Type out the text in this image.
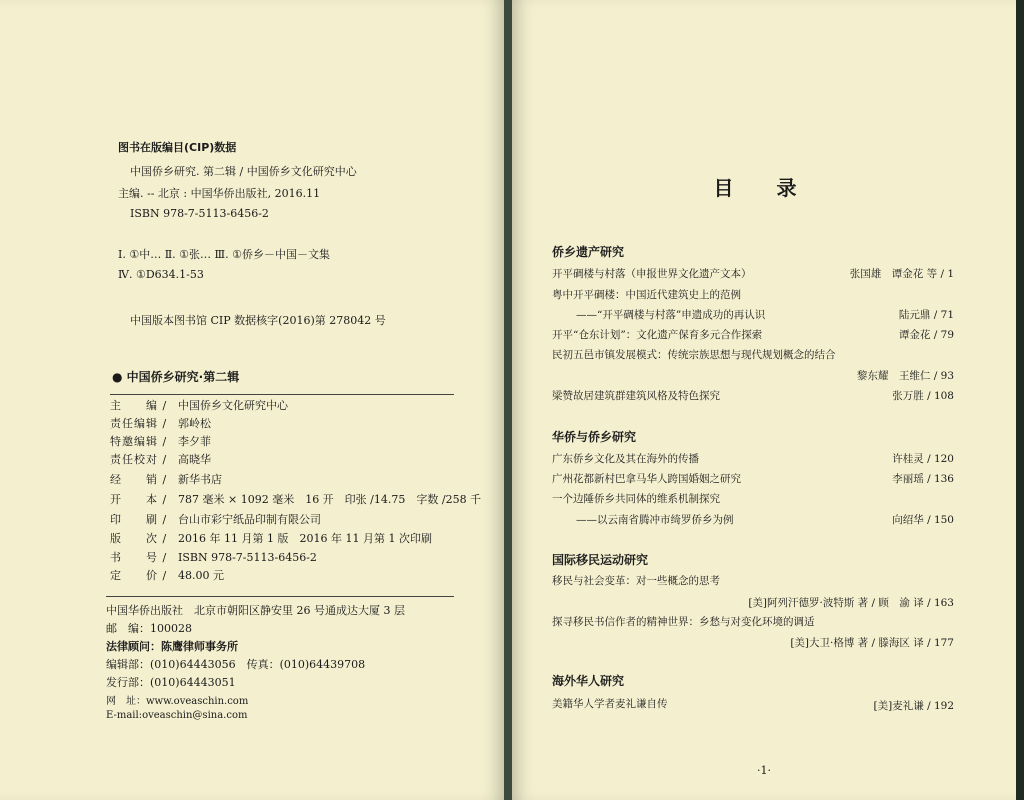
图书在版编目(CIP)数据
中国侨乡研究. 第二辑 / 中国侨乡文化研究中心
主编. -- 北京 : 中国华侨出版社, 2016.11
ISBN 978-7-5113-6456-2
Ⅰ. ①中… Ⅱ. ①张… Ⅲ. ①侨乡－中国－文集
Ⅳ. ①D634.1-53
中国版本图书馆 CIP 数据核字(2016)第 278042 号
● 中国侨乡研究·第二辑
主　　编 / 中国侨乡文化研究中心
责任编辑 / 郭岭松
特邀编辑 / 李夕菲
责任校对 / 高晓华
经　　销 / 新华书店
开　　本 / 787 毫米 × 1092 毫米　16 开　印张 /14.75　字数 /258 千
印　　刷 / 台山市彩宁纸品印制有限公司
版　　次 / 2016 年 11 月第 1 版　2016 年 11 月第 1 次印刷
书　　号 / ISBN 978-7-5113-6456-2
定　　价 / 48.00 元
中国华侨出版社　北京市朝阳区静安里 26 号通成达大厦 3 层
邮　编：100028
法律顾问：陈鹰律师事务所
编辑部：(010)64443056　传真：(010)64439708
发行部：(010)64443051
网　址：www.oveaschin.com
E-mail:oveaschin@sina.com
目 录
侨乡遗产研究
开平碉楼与村落（申报世界文化遗产文本）	张国雄　谭金花 等 / 1
粤中开平碉楼：中国近代建筑史上的范例
——“开平碉楼与村落”申遗成功的再认识	陆元鼎 / 71
开平“仓东计划”：文化遗产保育多元合作探索	谭金花 / 79
民初五邑市镇发展模式：传统宗族思想与现代规划概念的结合
黎东耀　王维仁 / 93
梁赞故居建筑群建筑风格及特色探究	张万胜 / 108
华侨与侨乡研究
广东侨乡文化及其在海外的传播	许桂灵 / 120
广州花都新村巴拿马华人跨国婚姻之研究	李丽瑶 / 136
一个边陲侨乡共同体的维系机制探究
——以云南省腾冲市绮罗侨乡为例	向绍华 / 150
国际移民运动研究
移民与社会变革：对一些概念的思考
[美]阿列汗德罗·波特斯 著 / 顾　渝 译 / 163
探寻移民书信作者的精神世界：乡愁与对变化环境的调适
[美]大卫·格博 著 / 滕海区 译 / 177
海外华人研究
美籍华人学者麦礼谦自传	[美]麦礼谦 / 192
·1·
